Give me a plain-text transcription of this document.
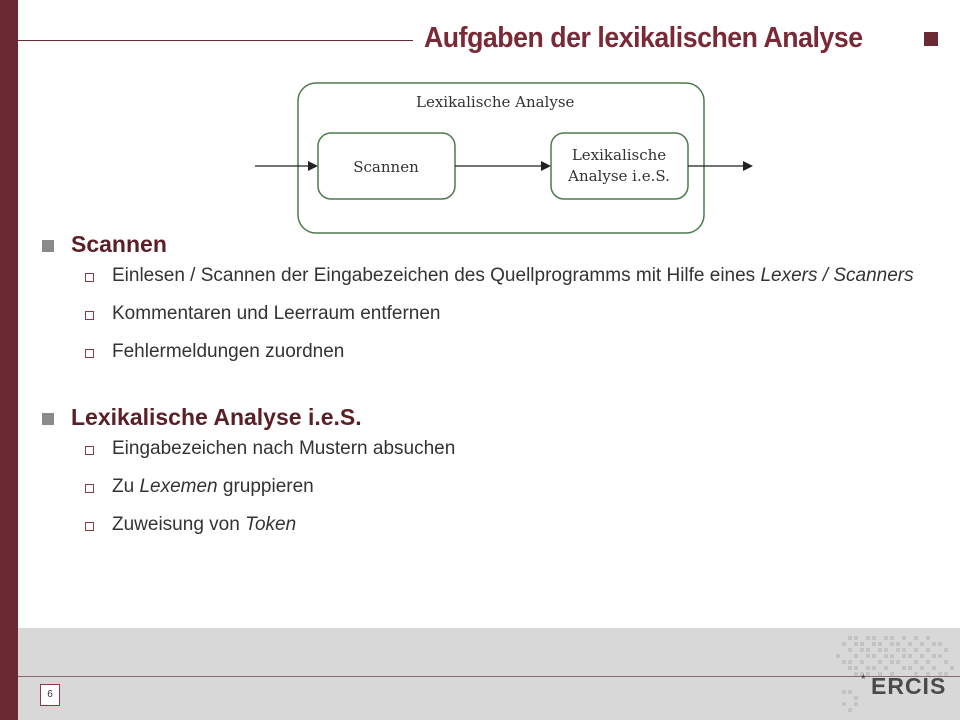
Aufgaben der lexikalischen Analyse
Lexikalische Analyse
Scannen
Lexikalische
Analyse i.e.S.
Scannen
Einlesen / Scannen der Eingabezeichen des Quellprogramms mit Hilfe eines Lexers / Scanners
Kommentaren und Leerraum entfernen
Fehlermeldungen zuordnen
Lexikalische Analyse i.e.S.
Eingabezeichen nach Mustern absuchen
Zu Lexemen gruppieren
Zuweisung von Token
6
* ERCIS
